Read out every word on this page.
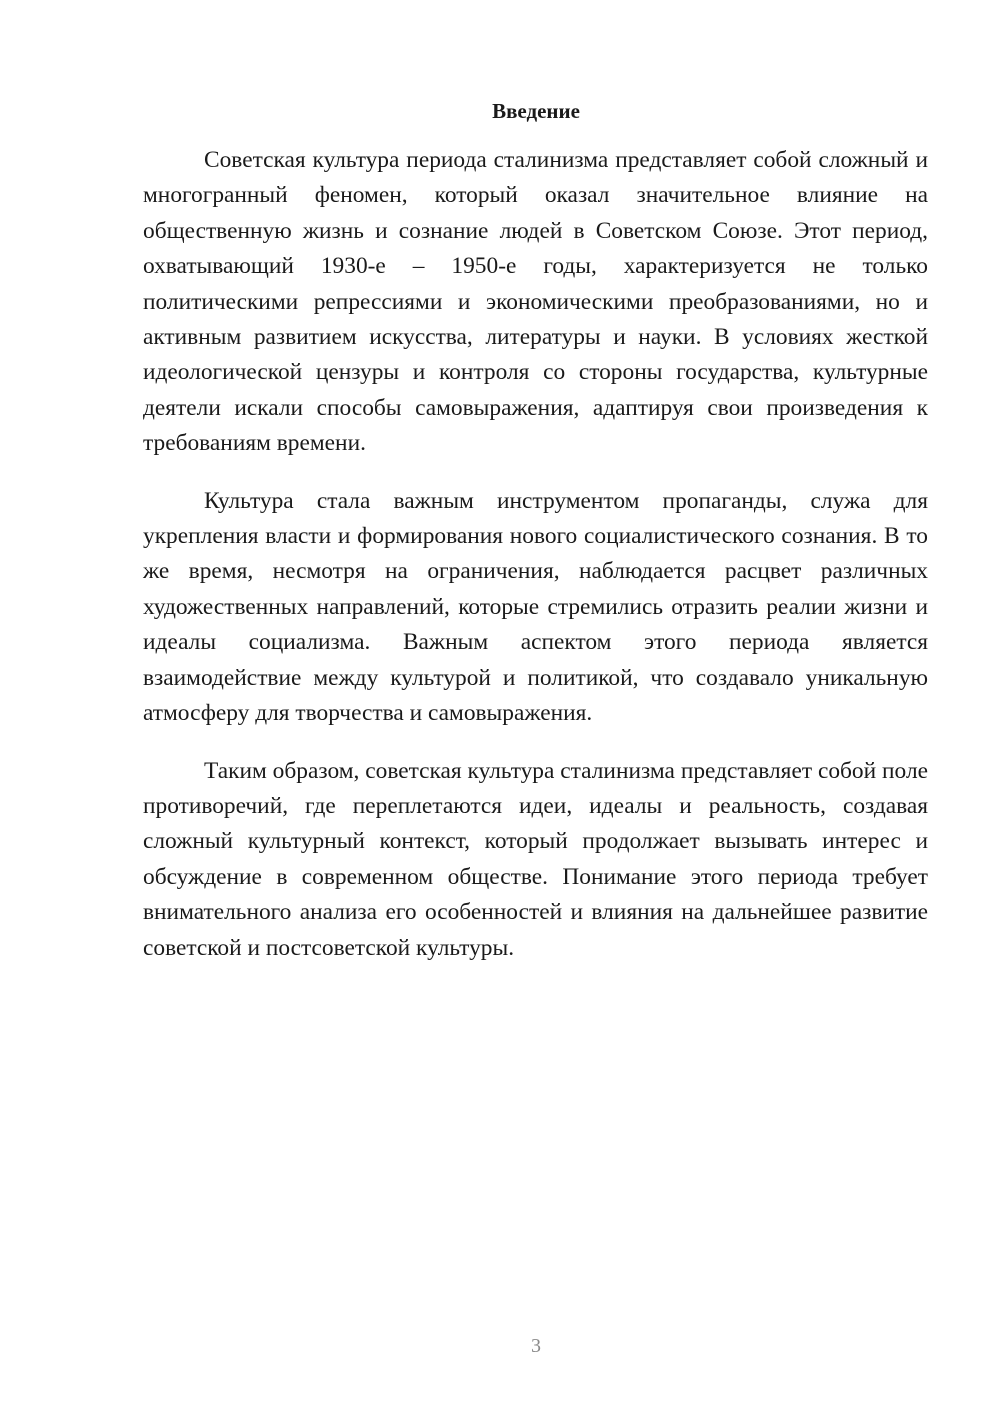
Введение

Советская культура периода сталинизма представляет собой сложный и многогранный феномен, который оказал значительное влияние на общественную жизнь и сознание людей в Советском Союзе. Этот период, охватывающий 1930-е – 1950-е годы, характеризуется не только политическими репрессиями и экономическими преобразованиями, но и активным развитием искусства, литературы и науки. В условиях жесткой идеологической цензуры и контроля со стороны государства, культурные деятели искали способы самовыражения, адаптируя свои произведения к требованиям времени.

Культура стала важным инструментом пропаганды, служа для укрепления власти и формирования нового социалистического сознания. В то же время, несмотря на ограничения, наблюдается расцвет различных художественных направлений, которые стремились отразить реалии жизни и идеалы социализма. Важным аспектом этого периода является взаимодействие между культурой и политикой, что создавало уникальную атмосферу для творчества и самовыражения.

Таким образом, советская культура сталинизма представляет собой поле противоречий, где переплетаются идеи, идеалы и реальность, создавая сложный культурный контекст, который продолжает вызывать интерес и обсуждение в современном обществе. Понимание этого периода требует внимательного анализа его особенностей и влияния на дальнейшее развитие советской и постсоветской культуры.

3
